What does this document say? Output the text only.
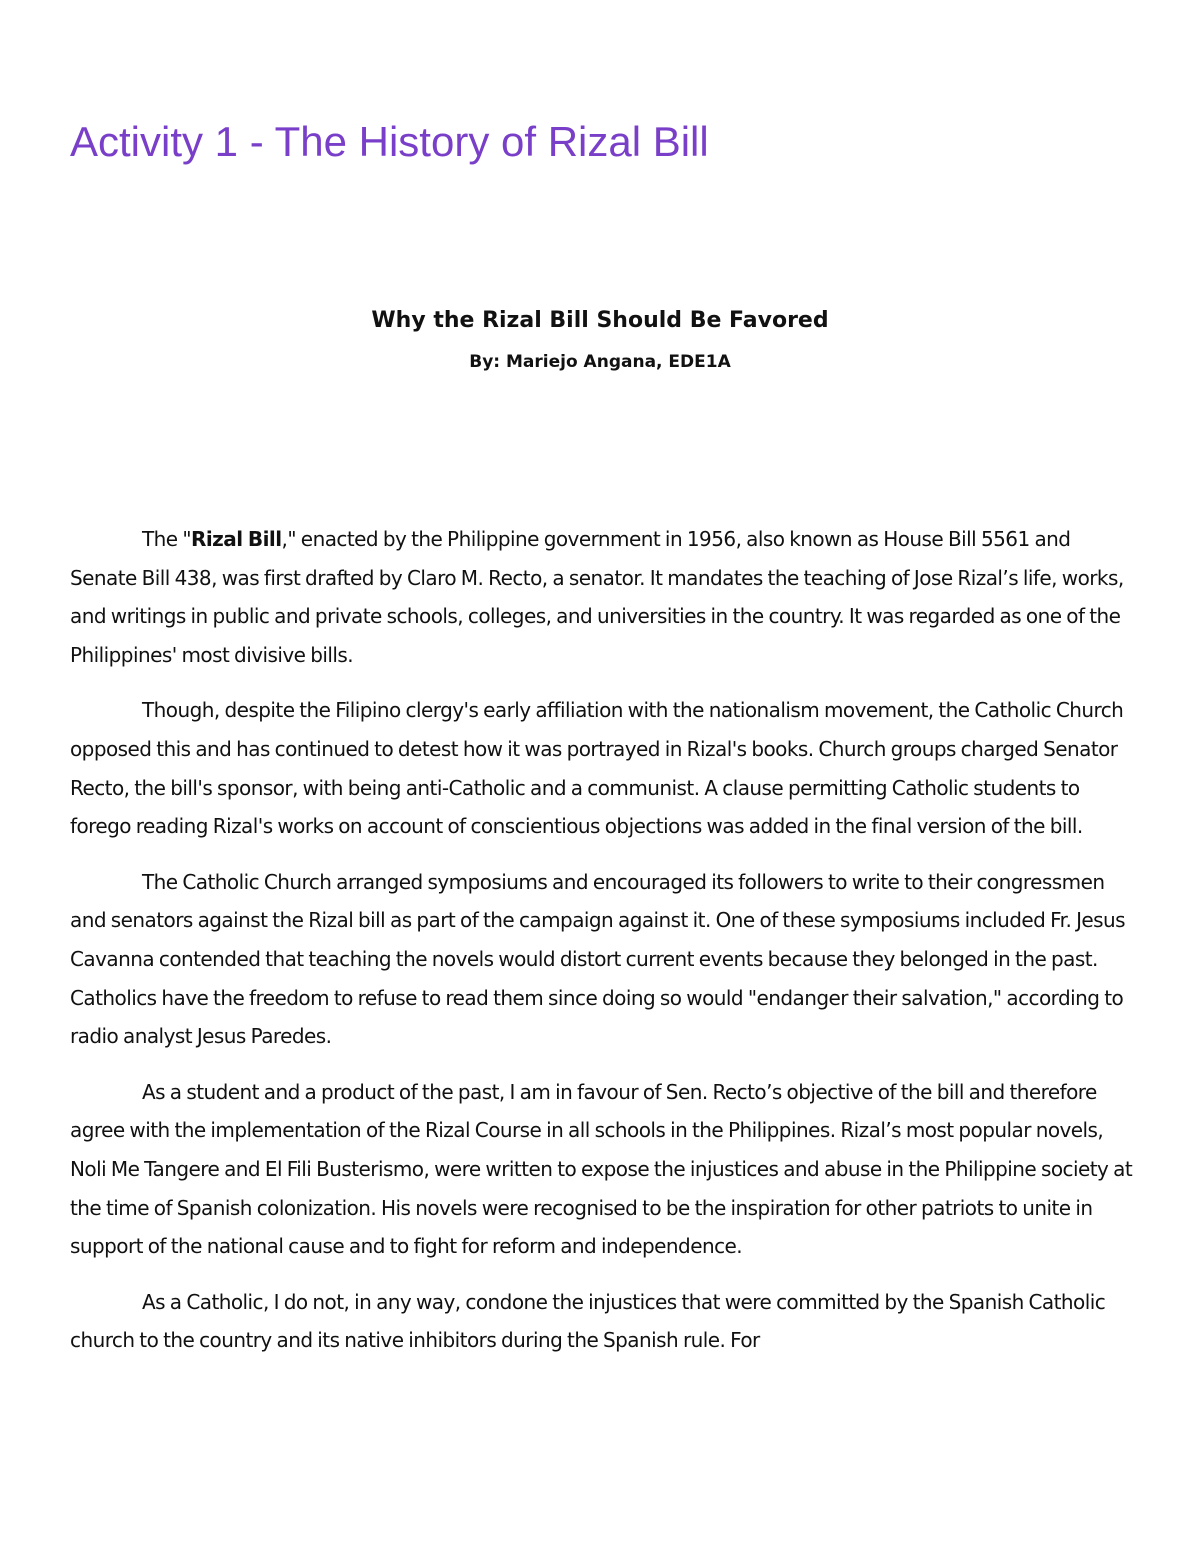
Activity 1 - The History of Rizal Bill
Why the Rizal Bill Should Be Favored
By: Mariejo Angana, EDE1A

The "Rizal Bill," enacted by the Philippine government in 1956, also known as House Bill 5561 and Senate Bill 438, was first drafted by Claro M. Recto, a senator. It mandates the teaching of Jose Rizal’s life, works, and writings in public and private schools, colleges, and universities in the country. It was regarded as one of the Philippines' most divisive bills.

Though, despite the Filipino clergy's early affiliation with the nationalism movement, the Catholic Church opposed this and has continued to detest how it was portrayed in Rizal's books. Church groups charged Senator Recto, the bill's sponsor, with being anti-Catholic and a communist. A clause permitting Catholic students to forego reading Rizal's works on account of conscientious objections was added in the final version of the bill.

The Catholic Church arranged symposiums and encouraged its followers to write to their congressmen and senators against the Rizal bill as part of the campaign against it. One of these symposiums included Fr. Jesus Cavanna contended that teaching the novels would distort current events because they belonged in the past. Catholics have the freedom to refuse to read them since doing so would "endanger their salvation," according to radio analyst Jesus Paredes.

As a student and a product of the past, I am in favour of Sen. Recto’s objective of the bill and therefore agree with the implementation of the Rizal Course in all schools in the Philippines. Rizal’s most popular novels, Noli Me Tangere and El Fili Busterismo, were written to expose the injustices and abuse in the Philippine society at the time of Spanish colonization. His novels were recognised to be the inspiration for other patriots to unite in support of the national cause and to fight for reform and independence.

As a Catholic, I do not, in any way, condone the injustices that were committed by the Spanish Catholic church to the country and its native inhibitors during the Spanish rule. For
